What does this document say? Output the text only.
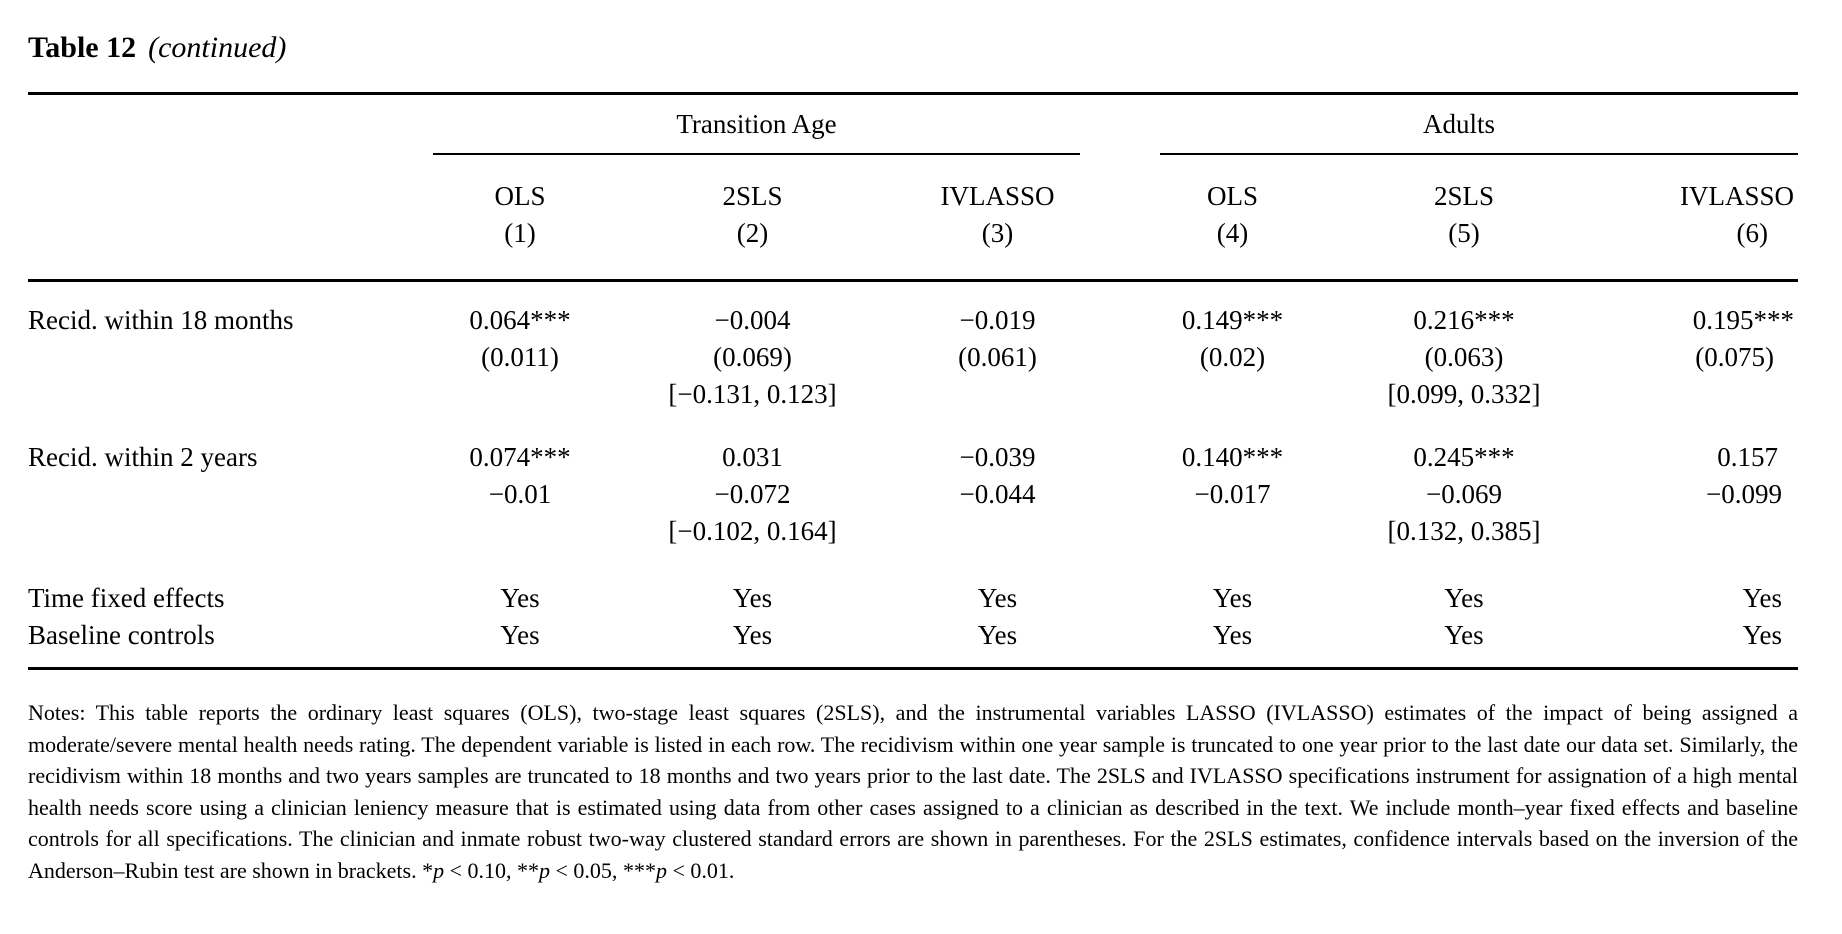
Table 12 (continued)

	Transition Age			Adults		

	OLS	2SLS	IVLASSO	OLS	2SLS	IVLASSO
	(1)	(2)	(3)	(4)	(5)	(6)
Recid. within 18 months	0.064***	−0.004	−0.019	0.149***	0.216***	0.195***
	(0.011)	(0.069)	(0.061)	(0.02)	(0.063)	(0.075)
		[−0.131, 0.123]			[0.099, 0.332]	
Recid. within 2 years	0.074***	0.031	−0.039	0.140***	0.245***	0.157
	−0.01	−0.072	−0.044	−0.017	−0.069	−0.099
		[−0.102, 0.164]			[0.132, 0.385]	
Time fixed effects	Yes	Yes	Yes	Yes	Yes	Yes
Baseline controls	Yes	Yes	Yes	Yes	Yes	Yes

Notes: This table reports the ordinary least squares (OLS), two-stage least squares (2SLS), and the instrumental variables LASSO (IVLASSO) estimates of the impact of being assigned a moderate/severe mental health needs rating. The dependent variable is listed in each row. The recidivism within one year sample is truncated to one year prior to the last date our data set. Similarly, the recidivism within 18 months and two years samples are truncated to 18 months and two years prior to the last date. The 2SLS and IVLASSO specifications instrument for assignation of a high mental health needs score using a clinician leniency measure that is estimated using data from other cases assigned to a clinician as described in the text. We include month–year fixed effects and baseline controls for all specifications. The clinician and inmate robust two-way clustered standard errors are shown in parentheses. For the 2SLS estimates, confidence intervals based on the inversion of the Anderson–Rubin test are shown in brackets. *p < 0.10, **p < 0.05, ***p < 0.01.
